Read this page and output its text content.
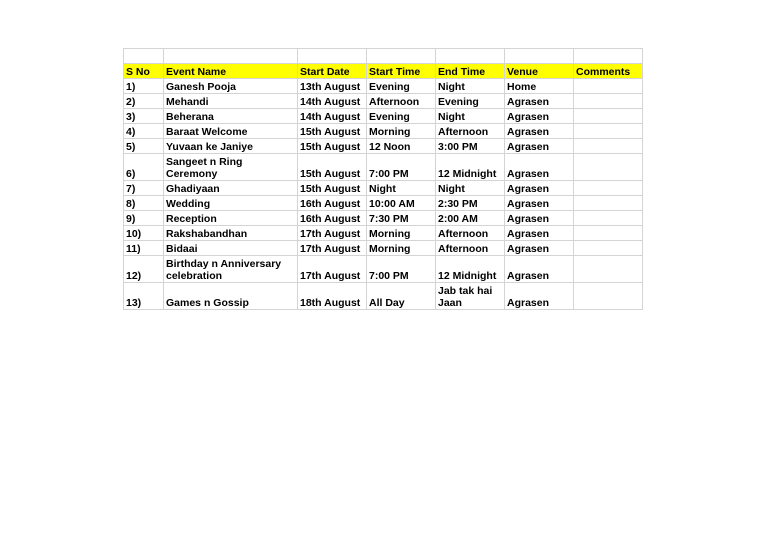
S No	Event Name	Start Date	Start Time	End Time	Venue	Comments
1)	Ganesh Pooja	13th August	Evening	Night	Home	
2)	Mehandi	14th August	Afternoon	Evening	Agrasen	
3)	Beherana	14th August	Evening	Night	Agrasen	
4)	Baraat Welcome	15th August	Morning	Afternoon	Agrasen	
5)	Yuvaan ke Janiye	15th August	12 Noon	3:00 PM	Agrasen	
6)	Sangeet n Ring Ceremony	15th August	7:00 PM	12 Midnight	Agrasen	
7)	Ghadiyaan	15th August	Night	Night	Agrasen	
8)	Wedding	16th August	10:00 AM	2:30 PM	Agrasen	
9)	Reception	16th August	7:30 PM	2:00 AM	Agrasen	
10)	Rakshabandhan	17th August	Morning	Afternoon	Agrasen	
11)	Bidaai	17th August	Morning	Afternoon	Agrasen	
12)	Birthday n Anniversary celebration	17th August	7:00 PM	12 Midnight	Agrasen	
13)	Games n Gossip	18th August	All Day	Jab tak hai Jaan	Agrasen	
